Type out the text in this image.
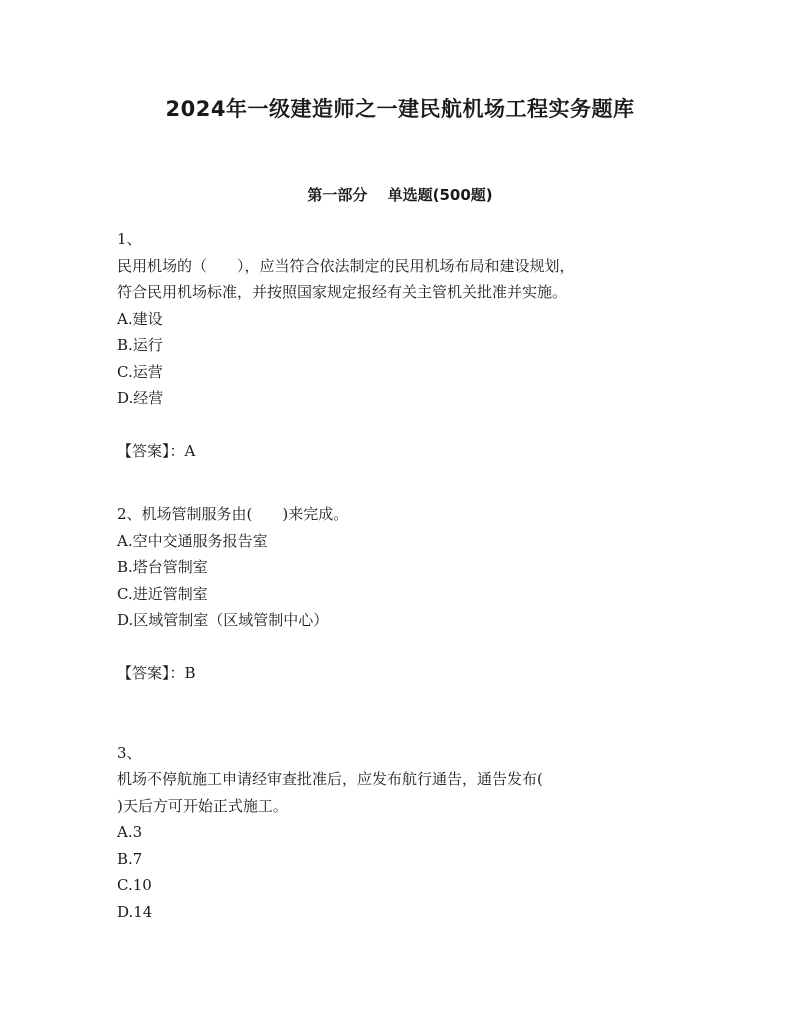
2024年一级建造师之一建民航机场工程实务题库
第一部分　 单选题(500题)
1、
民用机场的（　　），应当符合依法制定的民用机场布局和建设规划，
符合民用机场标准，并按照国家规定报经有关主管机关批准并实施。
A.建设
B.运行
C.运营
D.经营
【答案】：A
2、机场管制服务由(　　)来完成。
A.空中交通服务报告室
B.塔台管制室
C.进近管制室
D.区域管制室（区域管制中心）
【答案】：B
3、
机场不停航施工申请经审查批准后，应发布航行通告，通告发布(
)天后方可开始正式施工。
A.3
B.7
C.10
D.14
